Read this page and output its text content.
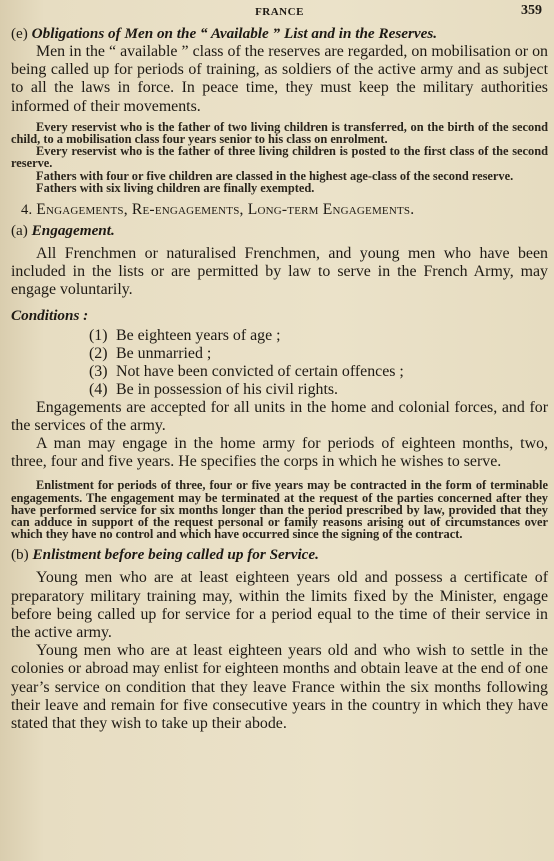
FRANCE	359

(e) Obligations of Men on the “ Available ” List and in the Reserves.

Men in the “ available ” class of the reserves are regarded, on mobilisation or on being called up for periods of training, as soldiers of the active army and as subject to all the laws in force. In peace time, they must keep the military authorities informed of their movements.

Every reservist who is the father of two living children is transferred, on the birth of the second child, to a mobilisation class four years senior to his class on enrolment.

Every reservist who is the father of three living children is posted to the first class of the second reserve.

Fathers with four or five children are classed in the highest age-class of the second reserve.

Fathers with six living children are finally exempted.

4. Engagements, Re-engagements, Long-term Engagements.

(a) Engagement.

All Frenchmen or naturalised Frenchmen, and young men who have been included in the lists or are permitted by law to serve in the French Army, may engage voluntarily.

Conditions :

(1) Be eighteen years of age ;
(2) Be unmarried ;
(3) Not have been convicted of certain offences ;
(4) Be in possession of his civil rights.

Engagements are accepted for all units in the home and colonial forces, and for the services of the army.

A man may engage in the home army for periods of eighteen months, two, three, four and five years. He specifies the corps in which he wishes to serve.

Enlistment for periods of three, four or five years may be contracted in the form of terminable engagements. The engagement may be terminated at the request of the parties concerned after they have performed service for six months longer than the period prescribed by law, provided that they can adduce in support of the request personal or family reasons arising out of circumstances over which they have no control and which have occurred since the signing of the contract.

(b) Enlistment before being called up for Service.

Young men who are at least eighteen years old and possess a certificate of preparatory military training may, within the limits fixed by the Minister, engage before being called up for service for a period equal to the time of their service in the active army.

Young men who are at least eighteen years old and who wish to settle in the colonies or abroad may enlist for eighteen months and obtain leave at the end of one year’s service on condition that they leave France within the six months following their leave and remain for five consecutive years in the country in which they have stated that they wish to take up their abode.
